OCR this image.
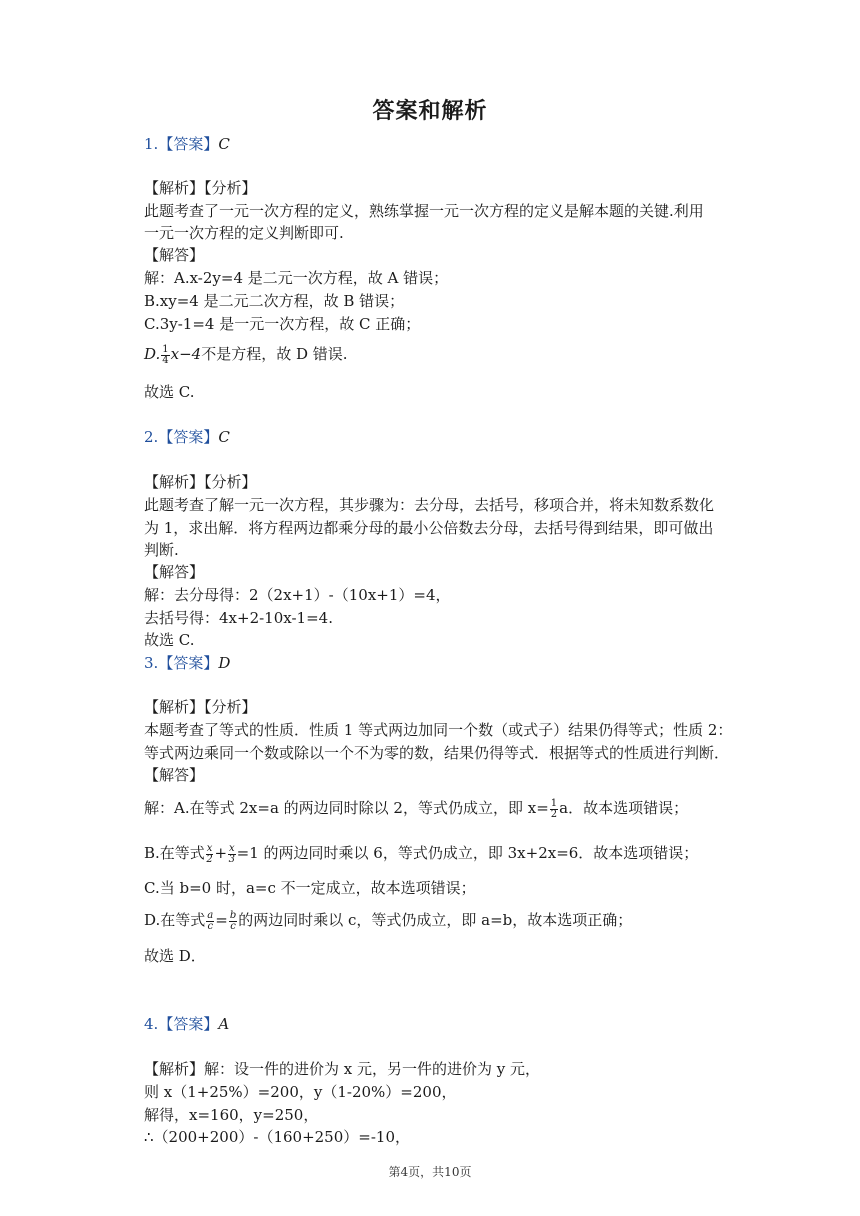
答案和解析
1.【答案】C
【解析】【分析】
此题考查了一元一次方程的定义，熟练掌握一元一次方程的定义是解本题的关键.利用
一元一次方程的定义判断即可.
【解答】
解：A.x-2y=4 是二元一次方程，故 A 错误；
B.xy=4 是二元二次方程，故 B 错误；
C.3y-1=4 是一元一次方程，故 C 正确；
D. $\frac{1}{4} x-4$不是方程，故 D 错误.
故选 C.
2.【答案】C
【解析】【分析】
此题考查了解一元一次方程，其步骤为：去分母，去括号，移项合并，将未知数系数化
为 1，求出解．将方程两边都乘分母的最小公倍数去分母，去括号得到结果，即可做出
判断.
【解答】
解：去分母得：2（2x+1）-（10x+1）=4，
去括号得：4x+2-10x-1=4.
故选 C.
3.【答案】D
【解析】【分析】
本题考查了等式的性质．性质 1 等式两边加同一个数（或式子）结果仍得等式；性质 2：
等式两边乘同一个数或除以一个不为零的数，结果仍得等式．根据等式的性质进行判断．
【解答】
解：A.在等式 2x=a 的两边同时除以 2，等式仍成立，即 $x= \frac{1}{2}$ a．故本选项错误；
B.在等式 $\frac{x}{2} + \frac{x}{3} =1$ 的两边同时乘以 6，等式仍成立，即 3x+2x=6．故本选项错误；
C.当 b=0 时，a=c 不一定成立，故本选项错误；
D.在等式 $\frac{a}{c} = \frac{b}{c}$ 的两边同时乘以 c，等式仍成立，即 a=b，故本选项正确；
故选 D．
4.【答案】A
【解析】解：设一件的进价为 x 元，另一件的进价为 y 元，
则 x（1+25%）=200，y（1-20%）=200，
解得，x=160，y=250，
∴（200+200）-（160+250）=-10，
第4页，共10页
